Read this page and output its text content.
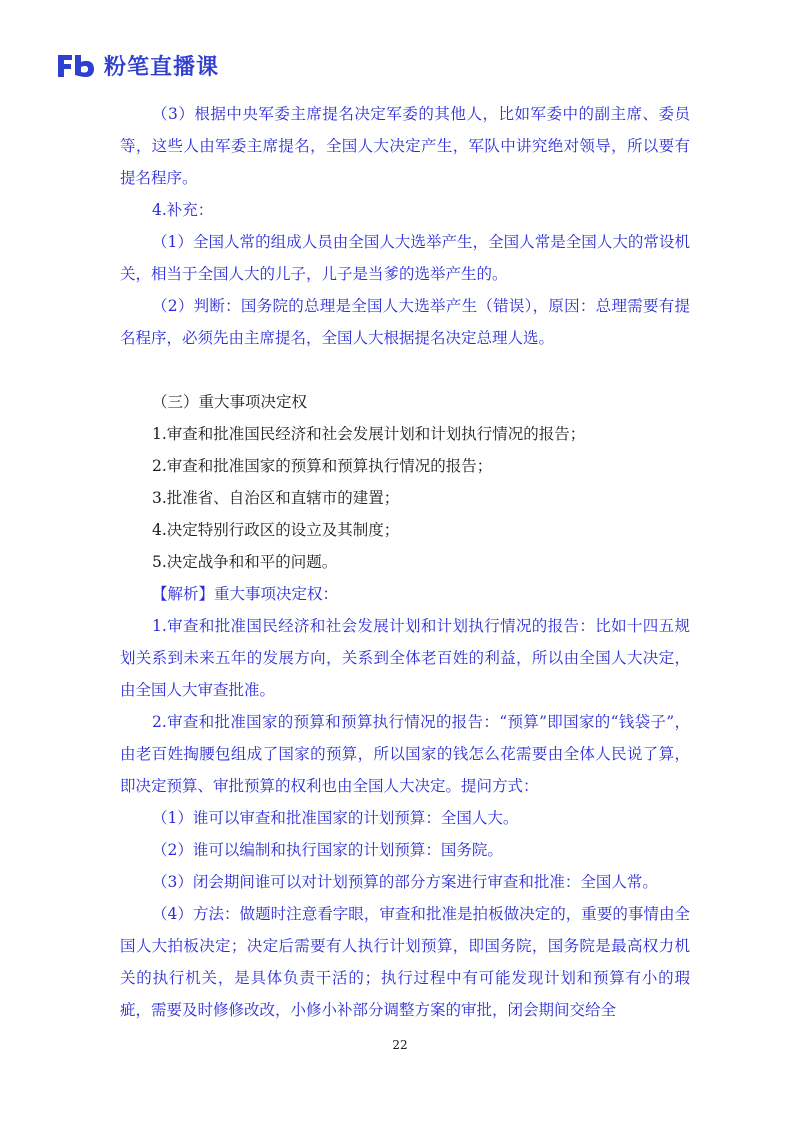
粉笔直播课

（3）根据中央军委主席提名决定军委的其他人，比如军委中的副主席、委员等，这些人由军委主席提名，全国人大决定产生，军队中讲究绝对领导，所以要有提名程序。

4.补充：

（1）全国人常的组成人员由全国人大选举产生，全国人常是全国人大的常设机关，相当于全国人大的儿子，儿子是当爹的选举产生的。

（2）判断：国务院的总理是全国人大选举产生（错误），原因：总理需要有提名程序，必须先由主席提名，全国人大根据提名决定总理人选。

（三）重大事项决定权

1.审查和批准国民经济和社会发展计划和计划执行情况的报告；

2.审查和批准国家的预算和预算执行情况的报告；

3.批准省、自治区和直辖市的建置；

4.决定特别行政区的设立及其制度；

5.决定战争和和平的问题。

【解析】重大事项决定权：

1.审查和批准国民经济和社会发展计划和计划执行情况的报告：比如十四五规划关系到未来五年的发展方向，关系到全体老百姓的利益，所以由全国人大决定，由全国人大审查批准。

2.审查和批准国家的预算和预算执行情况的报告：“预算”即国家的“钱袋子”，由老百姓掏腰包组成了国家的预算，所以国家的钱怎么花需要由全体人民说了算，即决定预算、审批预算的权利也由全国人大决定。提问方式：

（1）谁可以审查和批准国家的计划预算：全国人大。

（2）谁可以编制和执行国家的计划预算：国务院。

（3）闭会期间谁可以对计划预算的部分方案进行审查和批准：全国人常。

（4）方法：做题时注意看字眼，审查和批准是拍板做决定的，重要的事情由全国人大拍板决定；决定后需要有人执行计划预算，即国务院，国务院是最高权力机关的执行机关，是具体负责干活的；执行过程中有可能发现计划和预算有小的瑕疵，需要及时修修改改，小修小补部分调整方案的审批，闭会期间交给全

22
